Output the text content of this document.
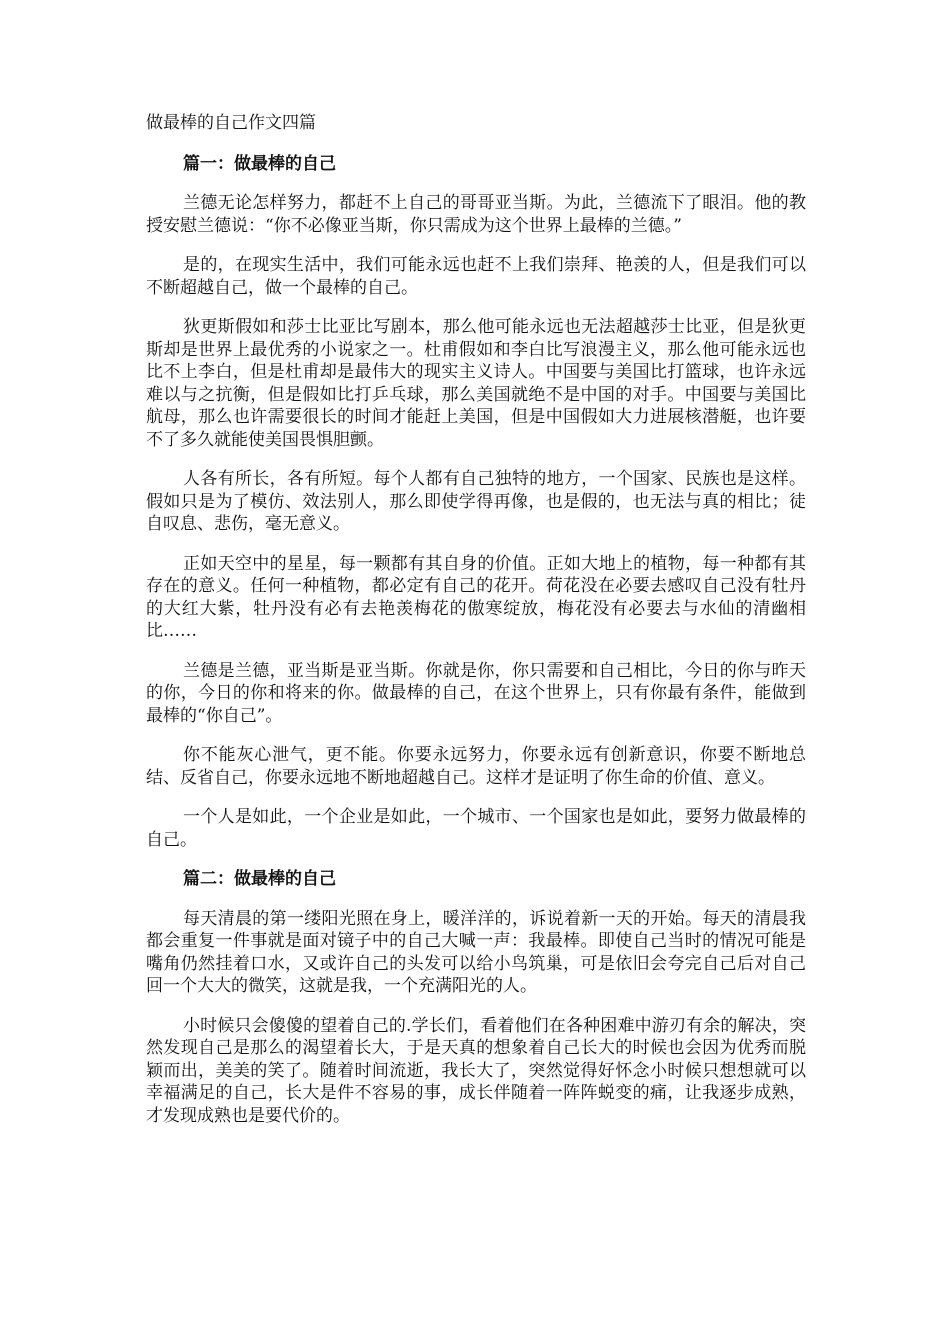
做最棒的自己作文四篇

篇一：做最棒的自己

兰德无论怎样努力，都赶不上自己的哥哥亚当斯。为此，兰德流下了眼泪。他的教授安慰兰德说：“你不必像亚当斯，你只需成为这个世界上最棒的兰德。”

是的，在现实生活中，我们可能永远也赶不上我们崇拜、艳羡的人，但是我们可以不断超越自己，做一个最棒的自己。

狄更斯假如和莎士比亚比写剧本，那么他可能永远也无法超越莎士比亚，但是狄更斯却是世界上最优秀的小说家之一。杜甫假如和李白比写浪漫主义，那么他可能永远也比不上李白，但是杜甫却是最伟大的现实主义诗人。中国要与美国比打篮球，也许永远难以与之抗衡，但是假如比打乒乓球，那么美国就绝不是中国的对手。中国要与美国比航母，那么也许需要很长的时间才能赶上美国，但是中国假如大力进展核潜艇，也许要不了多久就能使美国畏惧胆颤。

人各有所长，各有所短。每个人都有自己独特的地方，一个国家、民族也是这样。假如只是为了模仿、效法别人，那么即使学得再像，也是假的，也无法与真的相比；徒自叹息、悲伤，毫无意义。

正如天空中的星星，每一颗都有其自身的价值。正如大地上的植物，每一种都有其存在的意义。任何一种植物，都必定有自己的花开。荷花没在必要去感叹自己没有牡丹的大红大紫，牡丹没有必有去艳羡梅花的傲寒绽放，梅花没有必要去与水仙的清幽相比……

兰德是兰德，亚当斯是亚当斯。你就是你，你只需要和自己相比，今日的你与昨天的你，今日的你和将来的你。做最棒的自己，在这个世界上，只有你最有条件，能做到最棒的“你自己”。

你不能灰心泄气，更不能。你要永远努力，你要永远有创新意识，你要不断地总结、反省自己，你要永远地不断地超越自己。这样才是证明了你生命的价值、意义。

一个人是如此，一个企业是如此，一个城市、一个国家也是如此，要努力做最棒的自己。

篇二：做最棒的自己

每天清晨的第一缕阳光照在身上，暖洋洋的，诉说着新一天的开始。每天的清晨我都会重复一件事就是面对镜子中的自己大喊一声：我最棒。即使自己当时的情况可能是嘴角仍然挂着口水，又或许自己的头发可以给小鸟筑巢，可是依旧会夸完自己后对自己回一个大大的微笑，这就是我，一个充满阳光的人。

小时候只会傻傻的望着自己的.学长们，看着他们在各种困难中游刃有余的解决，突然发现自己是那么的渴望着长大，于是天真的想象着自己长大的时候也会因为优秀而脱颖而出，美美的笑了。随着时间流逝，我长大了，突然觉得好怀念小时候只想想就可以幸福满足的自己，长大是件不容易的事，成长伴随着一阵阵蜕变的痛，让我逐步成熟，才发现成熟也是要代价的。
